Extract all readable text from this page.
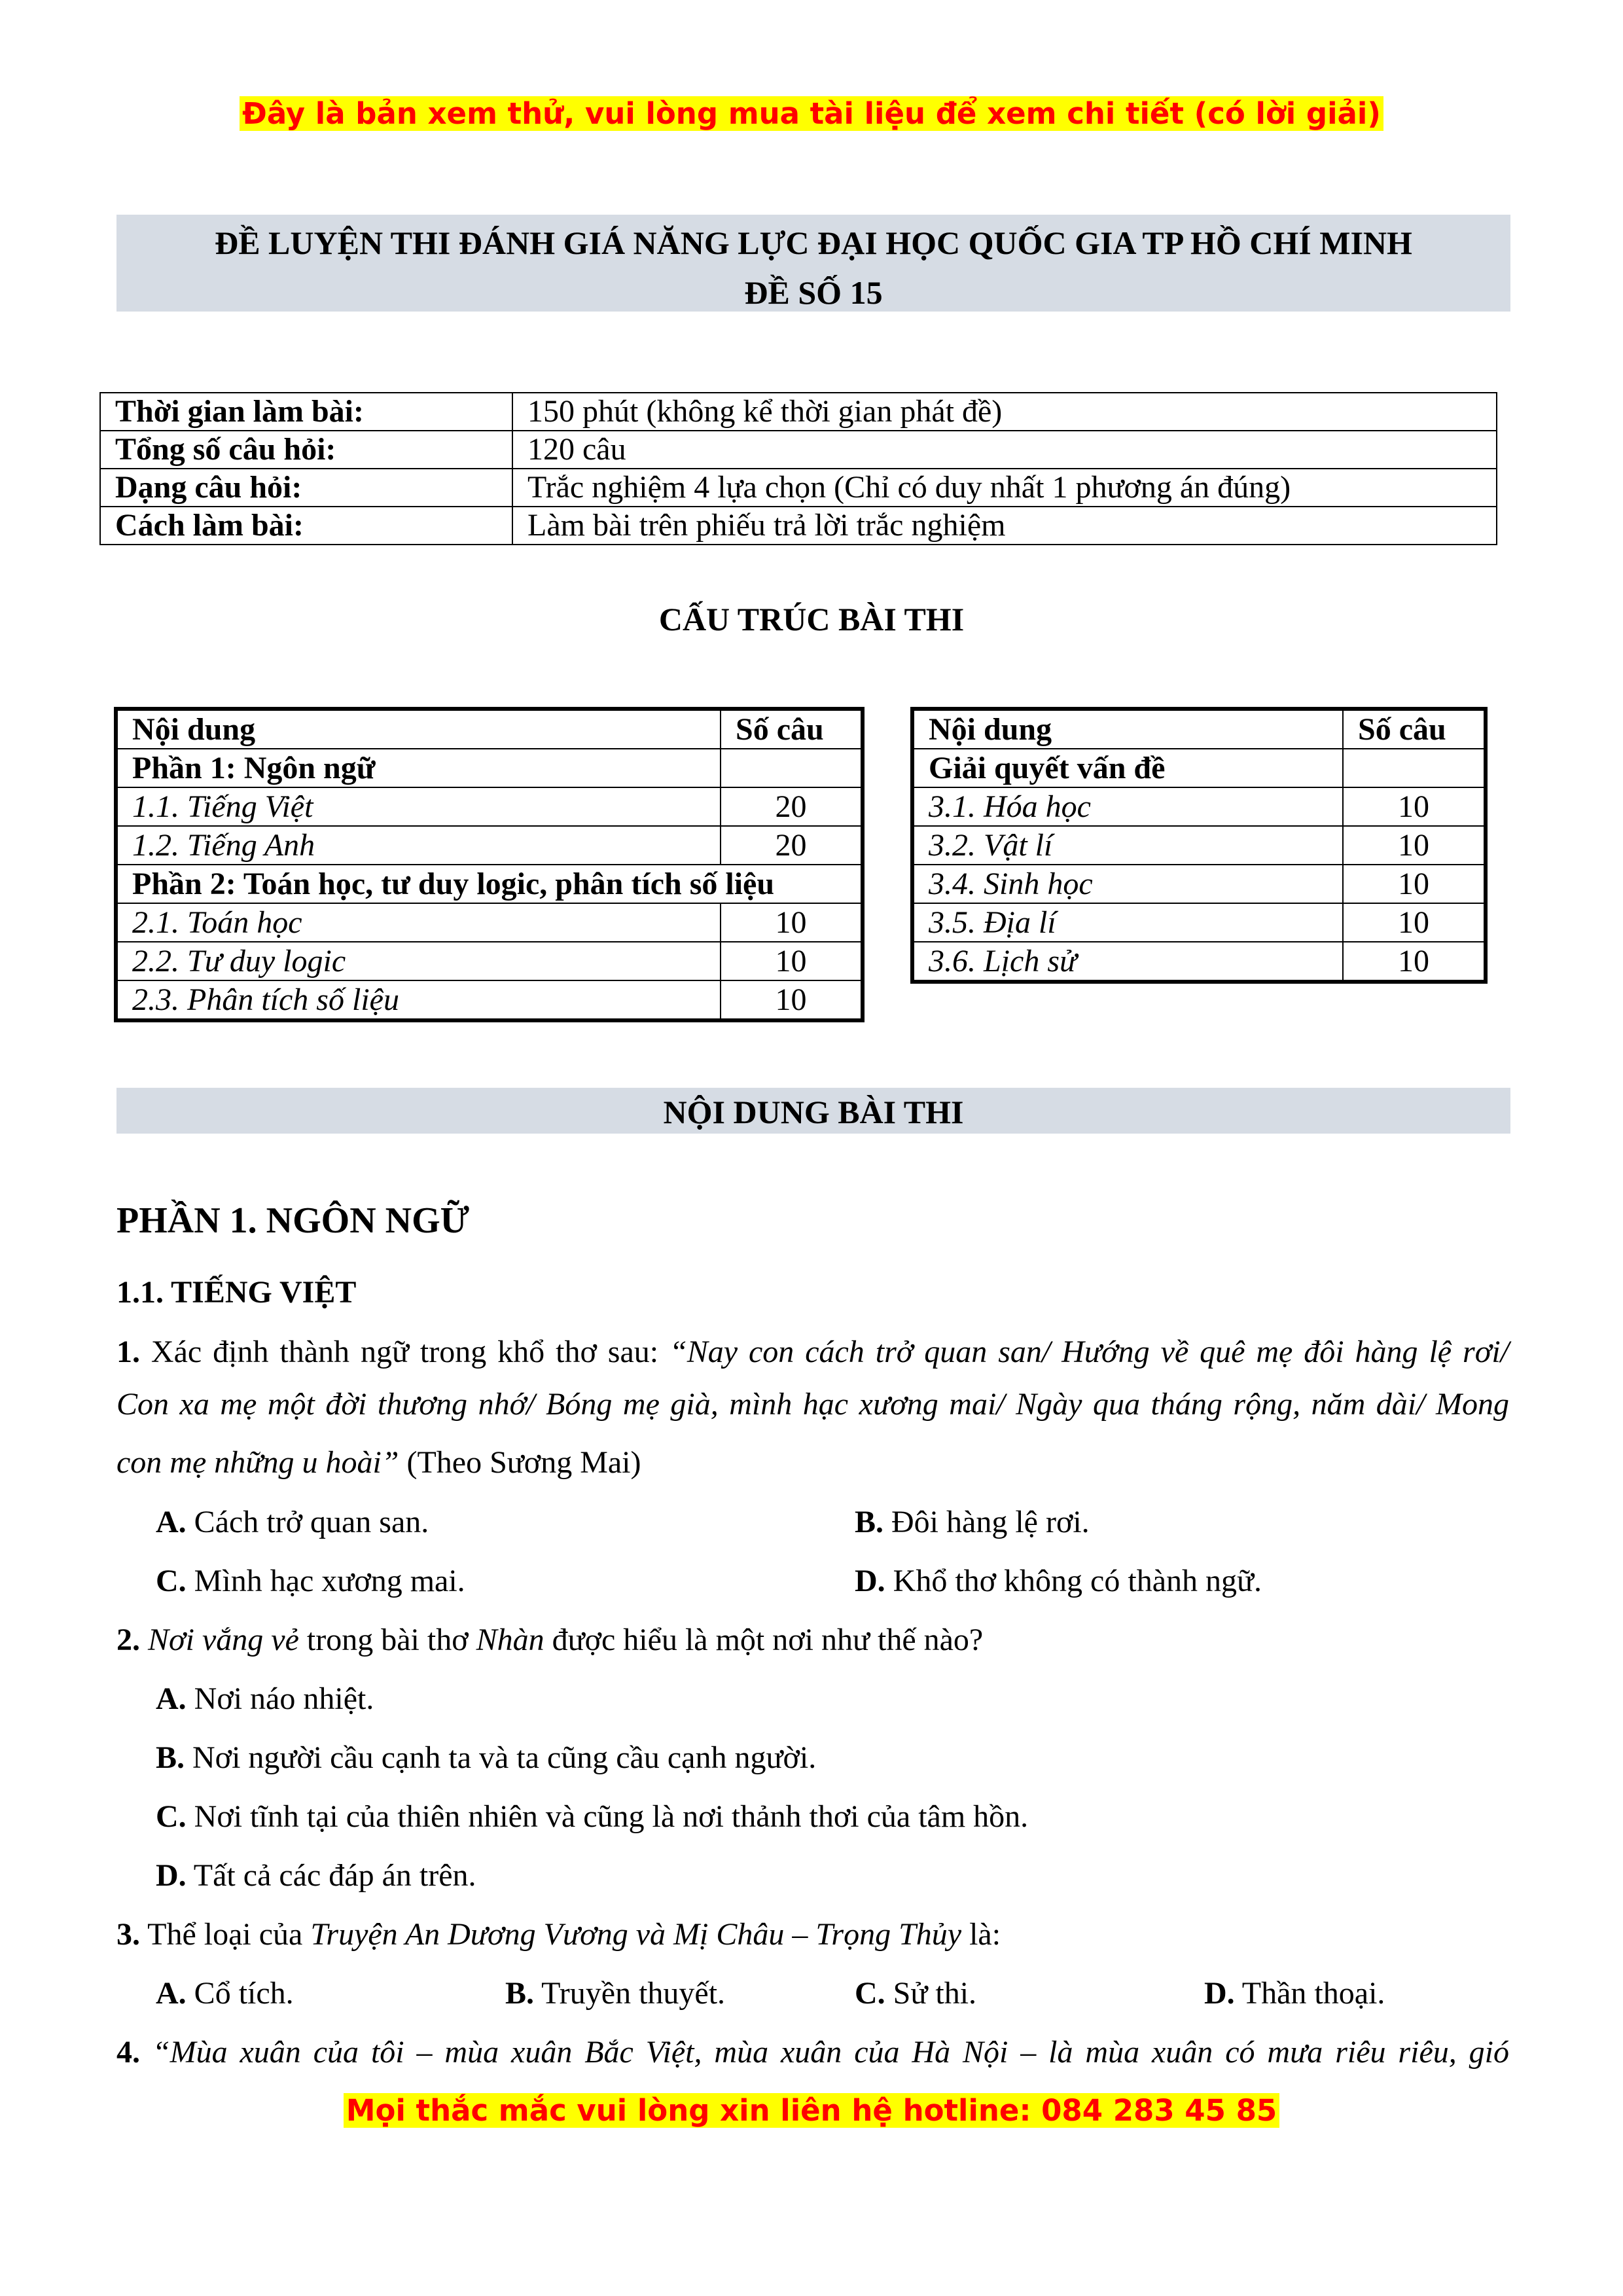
Đây là bản xem thử, vui lòng mua tài liệu để xem chi tiết (có lời giải)
ĐỀ LUYỆN THI ĐÁNH GIÁ NĂNG LỰC ĐẠI HỌC QUỐC GIA TP HỒ CHÍ MINH
ĐỀ SỐ 15
Thời gian làm bài:	150 phút (không kể thời gian phát đề)
Tổng số câu hỏi:	120 câu
Dạng câu hỏi:	Trắc nghiệm 4 lựa chọn (Chỉ có duy nhất 1 phương án đúng)
Cách làm bài:	Làm bài trên phiếu trả lời trắc nghiệm
CẤU TRÚC BÀI THI
Nội dung	Số câu
Phần 1: Ngôn ngữ	
1.1. Tiếng Việt	20
1.2. Tiếng Anh	20
Phần 2: Toán học, tư duy logic, phân tích số liệu	
2.1. Toán học	10
2.2. Tư duy logic	10
2.3. Phân tích số liệu	10
Nội dung	Số câu
Giải quyết vấn đề	
3.1. Hóa học	10
3.2. Vật lí	10
3.4. Sinh học	10
3.5. Địa lí	10
3.6. Lịch sử	10
NỘI DUNG BÀI THI
PHẦN 1. NGÔN NGỮ
1.1. TIẾNG VIỆT
1. Xác định thành ngữ trong khổ thơ sau: “Nay con cách trở quan san/ Hướng về quê mẹ đôi hàng lệ rơi/
Con xa mẹ một đời thương nhớ/ Bóng mẹ già, mình hạc xương mai/ Ngày qua tháng rộng, năm dài/ Mong
con mẹ những u hoài” (Theo Sương Mai)
A. Cách trở quan san.	B. Đôi hàng lệ rơi.
C. Mình hạc xương mai.	D. Khổ thơ không có thành ngữ.
2. Nơi vắng vẻ trong bài thơ Nhàn được hiểu là một nơi như thế nào?
A. Nơi náo nhiệt.
B. Nơi người cầu cạnh ta và ta cũng cầu cạnh người.
C. Nơi tĩnh tại của thiên nhiên và cũng là nơi thảnh thơi của tâm hồn.
D. Tất cả các đáp án trên.
3. Thể loại của Truyện An Dương Vương và Mị Châu – Trọng Thủy là:
A. Cổ tích.	B. Truyền thuyết.	C. Sử thi.	D. Thần thoại.
4. “Mùa xuân của tôi – mùa xuân Bắc Việt, mùa xuân của Hà Nội – là mùa xuân có mưa riêu riêu, gió
Mọi thắc mắc vui lòng xin liên hệ hotline: 084 283 45 85
